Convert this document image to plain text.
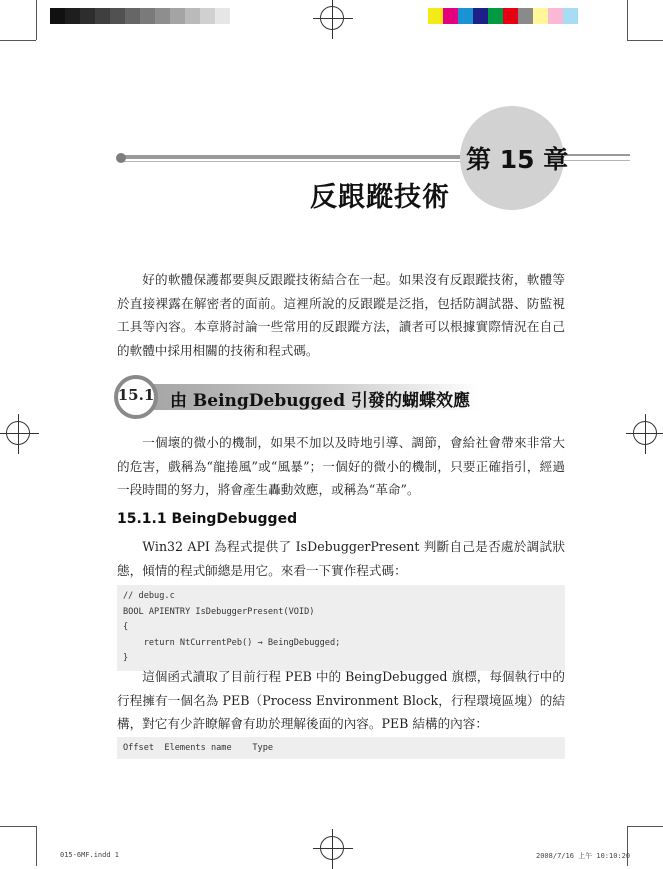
第 15 章
反跟蹤技術
好的軟體保護都要與反跟蹤技術結合在一起。如果沒有反跟蹤技術，軟體等於直接裸露在解密者的面前。這裡所說的反跟蹤是泛指，包括防調試器、防監視工具等內容。本章將討論一些常用的反跟蹤方法，讀者可以根據實際情況在自己的軟體中採用相關的技術和程式碼。
15.1 由 BeingDebugged 引發的蝴蝶效應
一個壞的微小的機制，如果不加以及時地引導、調節，會給社會帶來非常大的危害，戲稱為“龍捲風”或“風暴”；一個好的微小的機制，只要正確指引，經過一段時間的努力，將會產生轟動效應，或稱為“革命”。
15.1.1 BeingDebugged
Win32 API 為程式提供了 IsDebuggerPresent 判斷自己是否處於調試狀態，傾情的程式師總是用它。來看一下實作程式碼：
// debug.c
BOOL APIENTRY IsDebuggerPresent(VOID)
{
return NtCurrentPeb() → BeingDebugged;
}
這個函式讀取了目前行程 PEB 中的 BeingDebugged 旗標，每個執行中的行程擁有一個名為 PEB（Process Environment Block，行程環境區塊）的結構，對它有少許瞭解會有助於理解後面的內容。PEB 結構的內容：
Offset  Elements name    Type
015-6MF.indd 1	2008/7/16 上午 10:10:20
